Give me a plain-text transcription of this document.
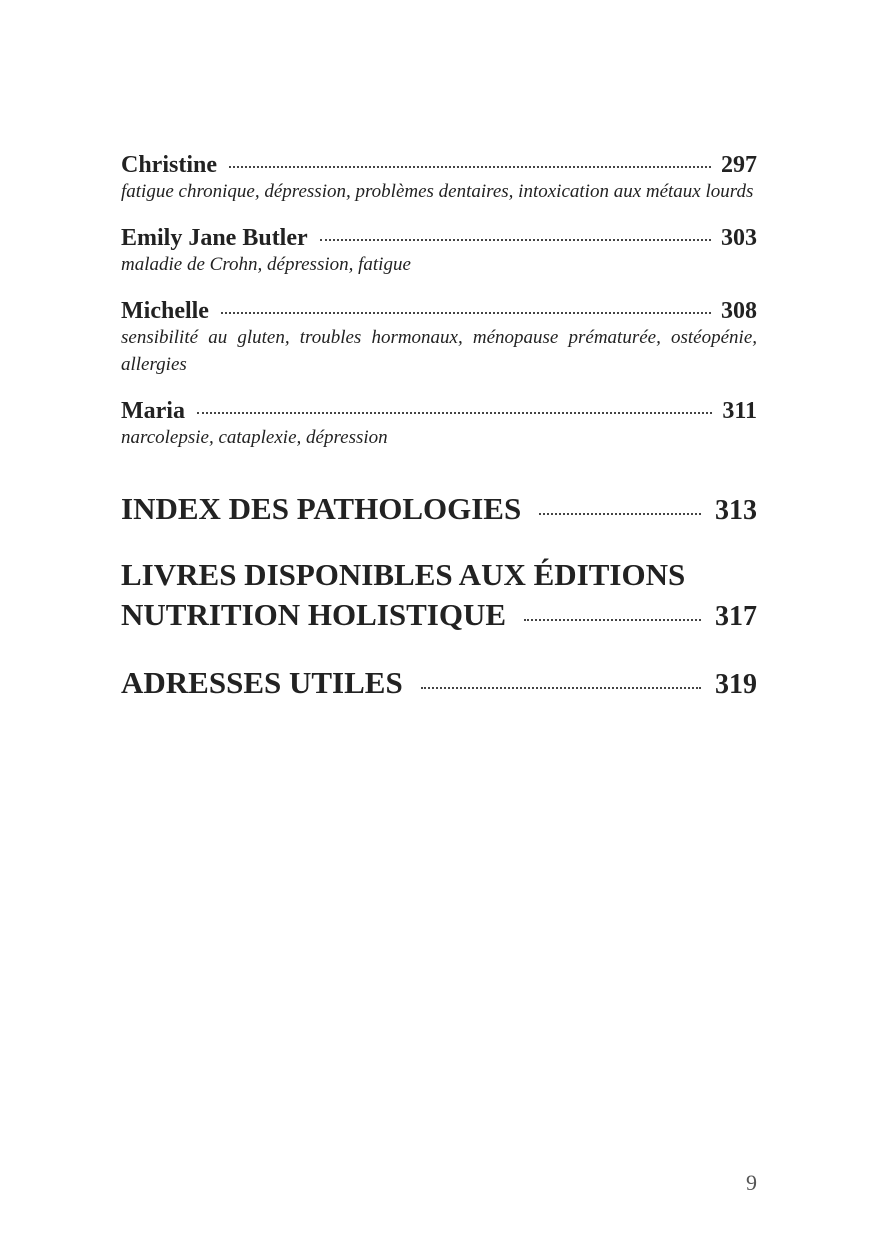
Christine	297
fatigue chronique, dépression, problèmes dentaires, intoxication aux métaux lourds
Emily Jane Butler	303
maladie de Crohn, dépression, fatigue
Michelle	308
sensibilité au gluten, troubles hormonaux, ménopause prématurée, ostéopénie, allergies
Maria	311
narcolepsie, cataplexie, dépression
INDEX DES PATHOLOGIES	313
LIVRES DISPONIBLES AUX ÉDITIONS
NUTRITION HOLISTIQUE	317
ADRESSES UTILES	319
9
